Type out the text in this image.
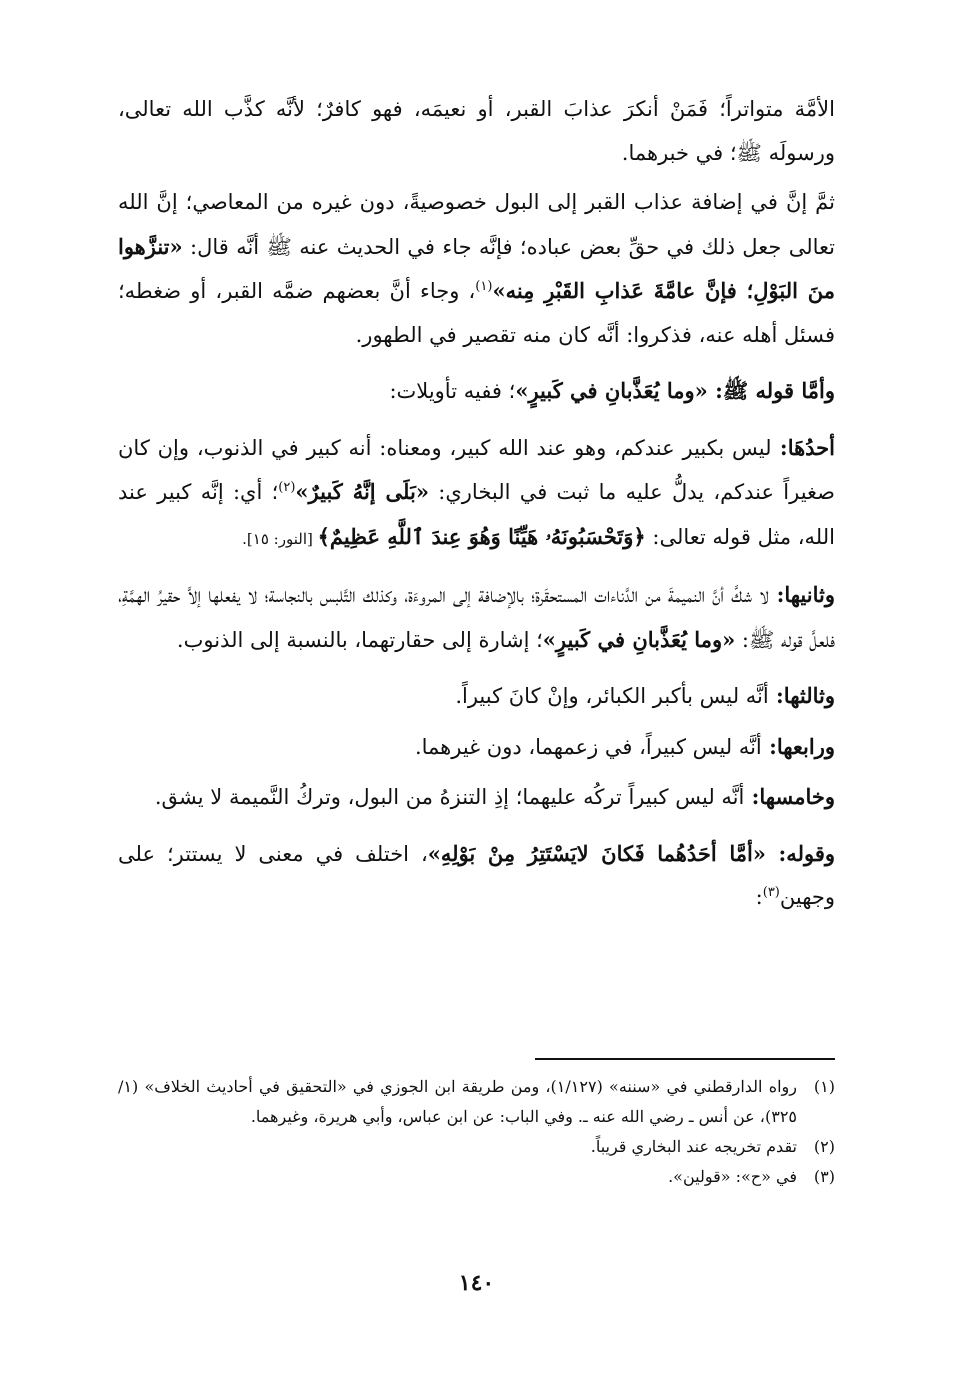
الأمَّة متواتراً؛ فَمَنْ أنكرَ عذابَ القبر، أو نعيمَه، فهو كافرٌ؛ لأنَّه كذَّب الله تعالى، ورسولَه ﷺ؛ في خبرهما.

ثمَّ إنَّ في إضافة عذاب القبر إلى البول خصوصيةً، دون غيره من المعاصي؛ إنَّ الله تعالى جعل ذلك في حقِّ بعض عباده؛ فإنَّه جاء في الحديث عنه ﷺ أنَّه قال: «تنزَّهوا منَ البَوْلِ؛ فإنَّ عامَّةَ عَذابِ القَبْرِ مِنه»$^{(١)}$، وجاء أنَّ بعضهم ضمَّه القبر، أو ضغطه؛ فسئل أهله عنه، فذكروا: أنَّه كان منه تقصير في الطهور.

وأمَّا قوله ﷺ: «وما يُعَذَّبانِ في كَبيرٍ»؛ ففيه تأويلات:

أحدُهَا: ليس بكبير عندكم، وهو عند الله كبير، ومعناه: أنه كبير في الذنوب، وإن كان صغيراً عندكم، يدلُّ عليه ما ثبت في البخاري: «بَلَى إنَّهُ كَبيرٌ»$^{(٢)}$؛ أي: إنَّه كبير عند الله، مثل قوله تعالى: ﴿وَتَحْسَبُونَهُۥ هَيِّنًا وَهُوَ عِندَ ٱللَّهِ عَظِيمٌ﴾ [النور: ١٥].

وثانيها: لا شكَّ أنَّ النميمةَ من الدَّناءات المستحقَرة؛ بالإضافة إلى المروءَة، وكذلك التَّلبس بالنجاسة؛ لا يفعلها إلاَّ حقيرُ الهمَّةِ، فلعلَّ قوله ﷺ: «وما يُعَذَّبانِ في كَبيرٍ»؛ إشارة إلى حقارتهما، بالنسبة إلى الذنوب.

وثالثها: أنَّه ليس بأكبر الكبائر، وإنْ كانَ كبيراً.

ورابعها: أنَّه ليس كبيراً، في زعمهما، دون غيرهما.

وخامسها: أنَّه ليس كبيراً تركُه عليهما؛ إذِ التنزهُ من البول، وتركُ النَّميمة لا يشق.

وقوله: «أمَّا أحَدُهُما فَكانَ لايَسْتَتِرُ مِنْ بَوْلِهِ»، اختلف في معنى لا يستتر؛ على وجهين$^{(٣)}$:

(١)
رواه الدارقطني في «سننه» (١/١٢٧)، ومن طريقة ابن الجوزي في «التحقيق في أحاديث الخلاف» (١/ ٣٢٥)، عن أنس ـ رضي الله عنه ـ. وفي الباب: عن ابن عباس، وأبي هريرة، وغيرهما.
(٢)
تقدم تخريجه عند البخاري قريباً.
(٣)
في «ح»: «قولين».
١٤٠
